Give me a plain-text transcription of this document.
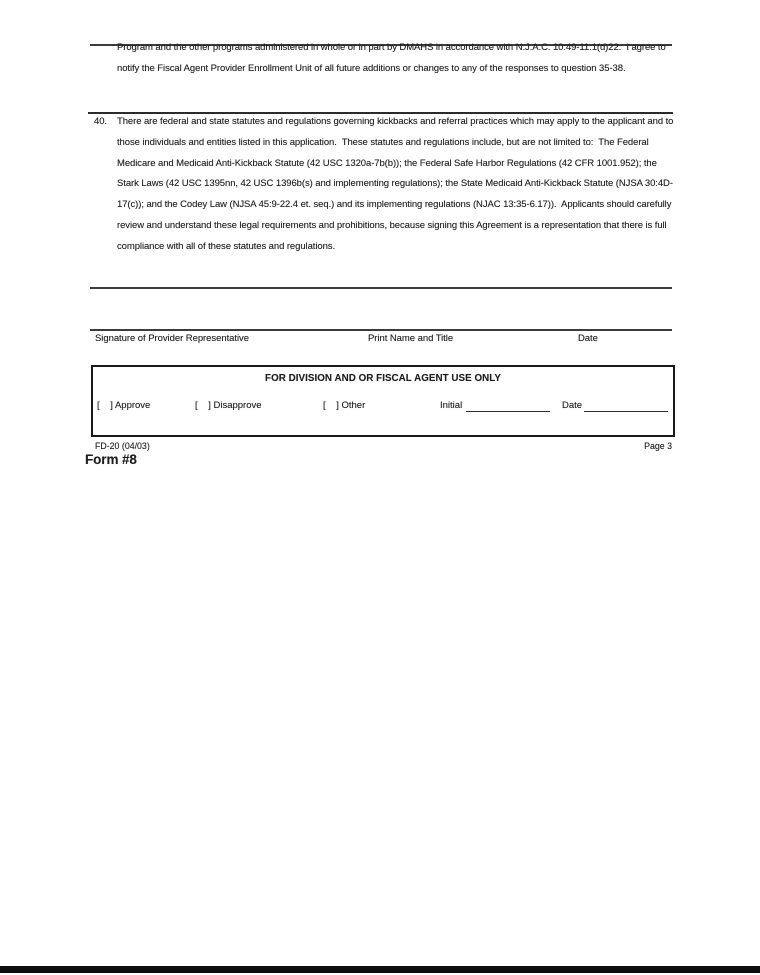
Program and the other programs administered in whole or in part by DMAHS in accordance with N.J.A.C. 10:49-11.1(d)22.  I agree to
notify the Fiscal Agent Provider Enrollment Unit of all future additions or changes to any of the responses to question 35-38.
40.	There are federal and state statutes and regulations governing kickbacks and referral practices which may apply to the applicant and to
those individuals and entities listed in this application.  These statutes and regulations include, but are not limited to:  The Federal
Medicare and Medicaid Anti-Kickback Statute (42 USC 1320a-7b(b)); the Federal Safe Harbor Regulations (42 CFR 1001.952); the
Stark Laws (42 USC 1395nn, 42 USC 1396b(s) and implementing regulations); the State Medicaid Anti-Kickback Statute (NJSA 30:4D-
17(c)); and the Codey Law (NJSA 45:9-22.4 et. seq.) and its implementing regulations (NJAC 13:35-6.17)).  Applicants should carefully
review and understand these legal requirements and prohibitions, because signing this Agreement is a representation that there is full
compliance with all of these statutes and regulations.
Signature of Provider Representative	Print Name and Title	Date
FOR DIVISION AND OR FISCAL AGENT USE ONLY
[    ] Approve	[    ] Disapprove	[    ] Other	Initial	Date
FD-20 (04/03)	Page 3
Form #8
